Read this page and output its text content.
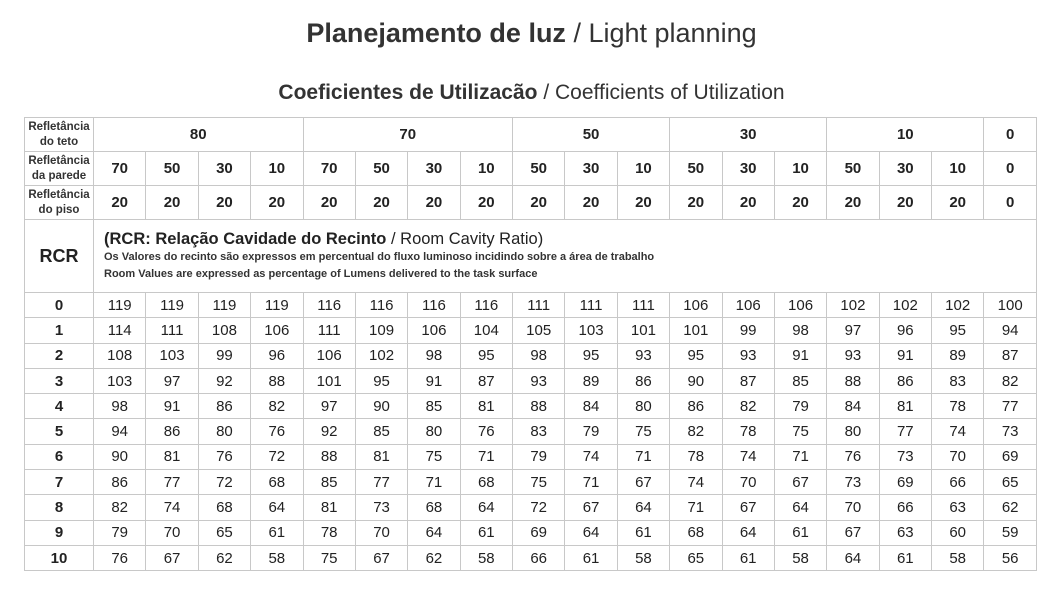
Planejamento de luz / Light planning
Coeficientes de Utilizacão / Coefficients of Utilization
Refletância
do teto	80				70				50			30			10			0

Refletância
da parede	70	50	30	10	70	50	30	10	50	30	10	50	30	10	50	30	10	0

Refletância
do piso	20	20	20	20	20	20	20	20	20	20	20	20	20	20	20	20	20	0
RCR	(RCR: Relação Cavidade do Recinto / Room Cavity Ratio)
Os Valores do recinto são expressos em percentual do fluxo luminoso incidindo sobre a área de trabalho
Room Values are expressed as percentage of Lumens delivered to the task surface																	

0	119	119	119	119	116	116	116	116	111	111	111	106	106	106	102	102	102	100
1	114	111	108	106	111	109	106	104	105	103	101	101	99	98	97	96	95	94
2	108	103	99	96	106	102	98	95	98	95	93	95	93	91	93	91	89	87
3	103	97	92	88	101	95	91	87	93	89	86	90	87	85	88	86	83	82
4	98	91	86	82	97	90	85	81	88	84	80	86	82	79	84	81	78	77
5	94	86	80	76	92	85	80	76	83	79	75	82	78	75	80	77	74	73
6	90	81	76	72	88	81	75	71	79	74	71	78	74	71	76	73	70	69
7	86	77	72	68	85	77	71	68	75	71	67	74	70	67	73	69	66	65
8	82	74	68	64	81	73	68	64	72	67	64	71	67	64	70	66	63	62
9	79	70	65	61	78	70	64	61	69	64	61	68	64	61	67	63	60	59
10	76	67	62	58	75	67	62	58	66	61	58	65	61	58	64	61	58	56
